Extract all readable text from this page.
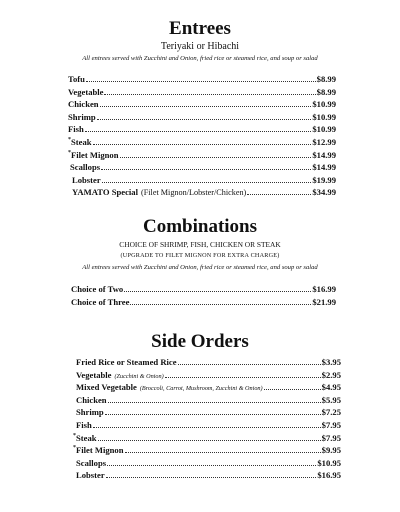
Entrees
Teriyaki or Hibachi
All entrees served with Zucchini and Onion, fried rice or steamed rice, and soup or salad
Tofu	$8.99
Vegetable	$8.99
Chicken	$10.99
Shrimp	$10.99
Fish	$10.99
*Steak	$12.99
*Filet Mignon	$14.99
Scallops	$14.99
Lobster	$19.99
YAMATO Special (Filet Mignon/Lobster/Chicken)	$34.99
Combinations
CHOICE OF SHRIMP, FISH, CHICKEN OR STEAK
(UPGRADE TO FILET MIGNON FOR EXTRA CHARGE)
All entrees served with Zucchini and Onion, fried rice or steamed rice, and soup or salad
Choice of Two	$16.99
Choice of Three	$21.99
Side Orders
Fried Rice or Steamed Rice	$3.95
Vegetable (Zucchini & Onion)	$2.95
Mixed Vegetable (Broccoli, Carrot, Mushroom, Zucchini & Onion)	$4.95
Chicken	$5.95
Shrimp	$7.25
Fish	$7.95
*Steak	$7.95
*Filet Mignon	$9.95
Scallops	$10.95
Lobster	$16.95
